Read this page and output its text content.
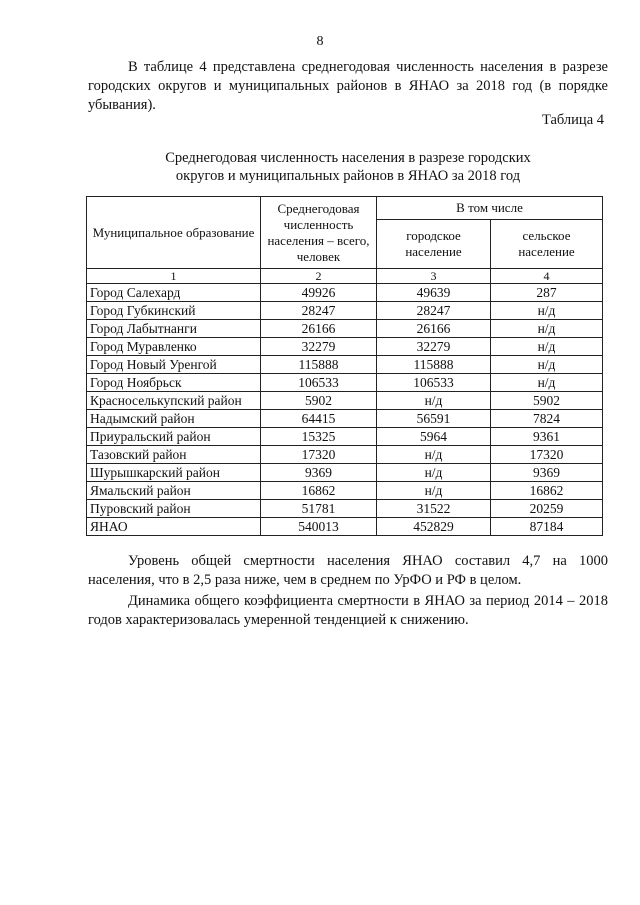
8

В таблице 4 представлена среднегодовая численность населения в разрезе городских округов и муниципальных районов в ЯНАО за 2018 год (в порядке убывания).

Таблица 4
Среднегодовая численность населения в разрезе городских
округов и муниципальных районов в ЯНАО за 2018 год
Муниципальное образование	Среднегодовая численность населения – всего, человек	В том числе	
		городское население	сельское население
1	2	3	4
Город Салехард	49926	49639	287
Город Губкинский	28247	28247	н/д
Город Лабытнанги	26166	26166	н/д
Город Муравленко	32279	32279	н/д
Город Новый Уренгой	115888	115888	н/д
Город Ноябрьск	106533	106533	н/д
Красноселькупский район	5902	н/д	5902
Надымский район	64415	56591	7824
Приуральский район	15325	5964	9361
Тазовский район	17320	н/д	17320
Шурышкарский район	9369	н/д	9369
Ямальский район	16862	н/д	16862
Пуровский район	51781	31522	20259
ЯНАО	540013	452829	87184

Уровень общей смертности населения ЯНАО составил 4,7 на 1000 населения, что в 2,5 раза ниже, чем в среднем по УрФО и РФ в целом.

Динамика общего коэффициента смертности в ЯНАО за период 2014 – 2018 годов характеризовалась умеренной тенденцией к снижению.
